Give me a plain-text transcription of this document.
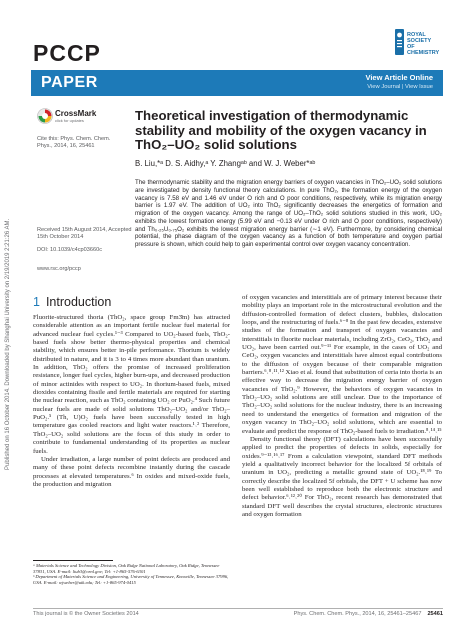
PCCP
ROYAL SOCIETY
OF CHEMISTRY
PAPER	View Article Online
View Journal | View Issue
Published on 16 October 2014. Downloaded by Shanghai University on 2/19/2019 2:21:26 AM.
CrossMark
click for updates
Cite this: Phys. Chem. Chem. Phys., 2014, 16, 25461
Received 15th August 2014, Accepted 15th October 2014
DOI: 10.1039/c4cp03660c
www.rsc.org/pccp
Theoretical investigation of thermodynamic stability and mobility of the oxygen vacancy in ThO₂–UO₂ solid solutions
B. Liu,*ᵃ D. S. Aidhy,ᵃ Y. Zhangᵃᵇ and W. J. Weber*ᵃᵇ
The thermodynamic stability and the migration energy barriers of oxygen vacancies in ThO₂–UO₂ solid solutions are investigated by density functional theory calculations. In pure ThO₂, the formation energy of the oxygen vacancy is 7.58 eV and 1.46 eV under O rich and O poor conditions, respectively, while its migration energy barrier is 1.97 eV. The addition of UO₂ into ThO₂ significantly decreases the energetics of formation and migration of the oxygen vacancy. Among the range of UO₂–ThO₂ solid solutions studied in this work, UO₂ exhibits the lowest formation energy (5.99 eV and −0.13 eV under O rich and O poor conditions, respectively) and Th₀.₂₅U₀.₇₅O₂ exhibits the lowest migration energy barrier (∼1 eV). Furthermore, by considering chemical potential, the phase diagram of the oxygen vacancy as a function of both temperature and oxygen partial pressure is shown, which could help to gain experimental control over oxygen vacancy concentration.
1 Introduction

Fluorite-structured thoria (ThO₂, space group Fm3̄m) has attracted considerable attention as an important fertile nuclear fuel material for advanced nuclear fuel cycles.¹⁻³ Compared to UO₂-based fuels, ThO₂-based fuels show better thermo-physical properties and chemical stability, which ensures better in-pile performance. Thorium is widely distributed in nature, and it is 3 to 4 times more abundant than uranium. In addition, ThO₂ offers the promise of increased proliferation resistance, longer fuel cycles, higher burn-ups, and decreased production of minor actinides with respect to UO₂. In thorium-based fuels, mixed dioxides containing fissile and fertile materials are required for starting the nuclear reaction, such as ThO₂ containing UO₂ or PuO₂.⁴ Such future nuclear fuels are made of solid solutions ThO₂–UO₂ and/or ThO₂–PuO₂.⁵ (Th, U)O₂ fuels have been successfully tested in high temperature gas cooled reactors and light water reactors.¹˒² Therefore, ThO₂–UO₂ solid solutions are the focus of this study in order to contribute to fundamental understanding of its properties as nuclear fuels.

Under irradiation, a large number of point defects are produced and many of these point defects recombine instantly during the cascade processes at elevated temperatures.⁶ In oxides and mixed-oxide fuels, the production and migration

of oxygen vacancies and interstitials are of primary interest because their mobility plays an important role in the microstructural evolution and the diffusion-controlled formation of defect clusters, bubbles, dislocation loops, and the restructuring of fuels.⁶⁻⁸ In the past few decades, extensive studies of the formation and transport of oxygen vacancies and interstitials in fluorite nuclear materials, including ZrO₂, CeO₂, ThO₂ and UO₂, have been carried out.⁹⁻¹¹ For example, in the cases of UO₂ and CeO₂, oxygen vacancies and interstitials have almost equal contributions to the diffusion of oxygen because of their comparable migration barriers.⁶˒⁸˒¹¹˒¹² Xiao et al. found that substitution of ceria into thoria is an effective way to decrease the migration energy barrier of oxygen vacancies of ThO₂.⁹ However, the behaviors of oxygen vacancies in ThO₂–UO₂ solid solutions are still unclear. Due to the importance of ThO₂–UO₂ solid solutions for the nuclear industry, there is an increasing need to understand the energetics of formation and migration of the oxygen vacancy in ThO₂–UO₂ solid solutions, which are essential to evaluate and predict the response of ThO₂-based fuels to irradiation.⁸˒¹⁴˒¹⁵

Density functional theory (DFT) calculations have been successfully applied to predict the properties of defects in solids, especially for oxides.⁹⁻¹³˒¹⁶˒¹⁷ From a calculation viewpoint, standard DFT methods yield a qualitatively incorrect behavior for the localized 5f orbitals of uranium in UO₂, predicting a metallic ground state of UO₂.¹⁸˒¹⁹ To correctly describe the localized 5f orbitals, the DFT + U scheme has now been well established to reproduce both the electronic structure and defect behavior.⁶˒¹²˒²⁰ For ThO₂, recent research has demonstrated that standard DFT well describes the crystal structures, electronic structures and oxygen formation

ᵃ Materials Science and Technology Division, Oak Ridge National Laboratory, Oak Ridge, Tennessee 37831, USA. E-mail: liub3@ornl.gov; Tel: +1-865-576-6301
ᵇ Department of Materials Science and Engineering, University of Tennessee, Knoxville, Tennessee 37996, USA. E-mail: wjweber@utk.edu; Tel: +1-865-974-0415
This journal is © the Owner Societies 2014	Phys. Chem. Chem. Phys., 2014, 16, 25461–25467 25461
